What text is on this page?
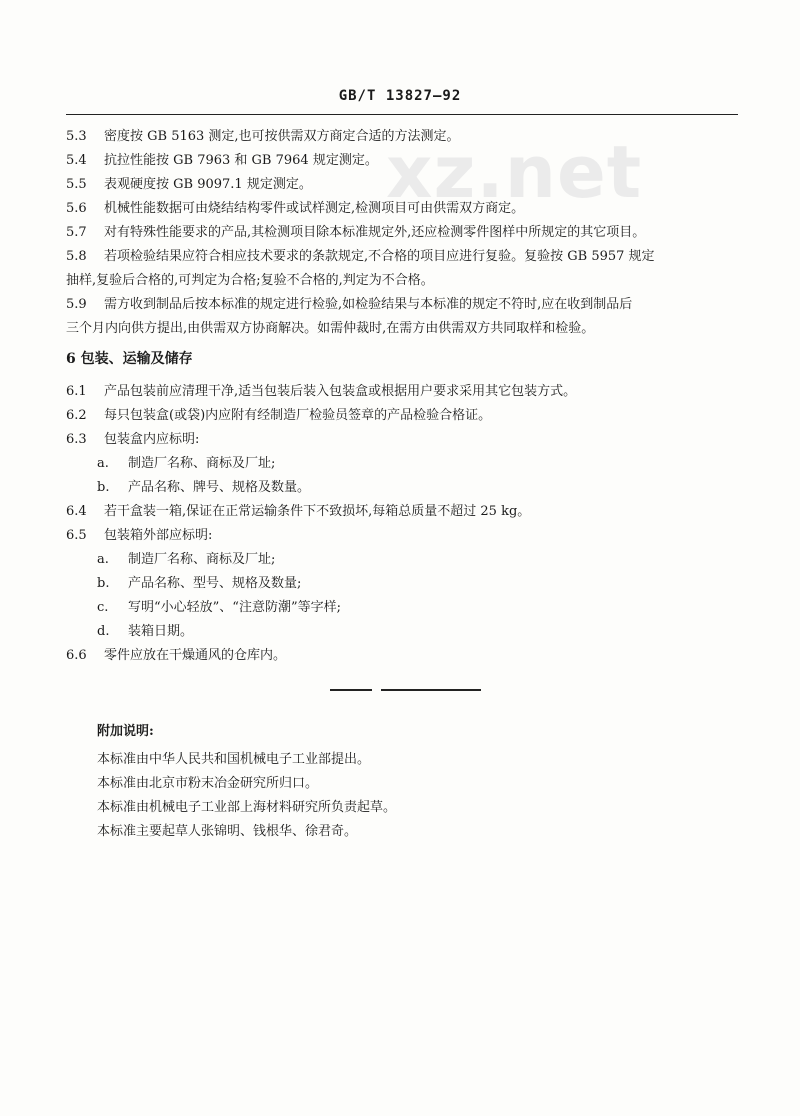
GB/T 13827—92
xz.net
5.3 密度按 GB 5163 测定,也可按供需双方商定合适的方法测定。
5.4 抗拉性能按 GB 7963 和 GB 7964 规定测定。
5.5 表观硬度按 GB 9097.1 规定测定。
5.6 机械性能数据可由烧结结构零件或试样测定,检测项目可由供需双方商定。
5.7 对有特殊性能要求的产品,其检测项目除本标准规定外,还应检测零件图样中所规定的其它项目。
5.8 若项检验结果应符合相应技术要求的条款规定,不合格的项目应进行复验。复验按 GB 5957 规定
抽样,复验后合格的,可判定为合格;复验不合格的,判定为不合格。
5.9 需方收到制品后按本标准的规定进行检验,如检验结果与本标准的规定不符时,应在收到制品后
三个月内向供方提出,由供需双方协商解决。如需仲裁时,在需方由供需双方共同取样和检验。
6 包装、运输及储存
6.1 产品包装前应清理干净,适当包装后装入包装盒或根据用户要求采用其它包装方式。
6.2 每只包装盒(或袋)内应附有经制造厂检验员签章的产品检验合格证。
6.3 包装盒内应标明:
a. 制造厂名称、商标及厂址;
b. 产品名称、牌号、规格及数量。
6.4 若干盒装一箱,保证在正常运输条件下不致损坏,每箱总质量不超过 25 kg。
6.5 包装箱外部应标明:
a. 制造厂名称、商标及厂址;
b. 产品名称、型号、规格及数量;
c. 写明“小心轻放”、“注意防潮”等字样;
d. 装箱日期。
6.6 零件应放在干燥通风的仓库内。
附加说明:
本标准由中华人民共和国机械电子工业部提出。
本标准由北京市粉末冶金研究所归口。
本标准由机械电子工业部上海材料研究所负责起草。
本标准主要起草人张锦明、钱根华、徐君奇。
